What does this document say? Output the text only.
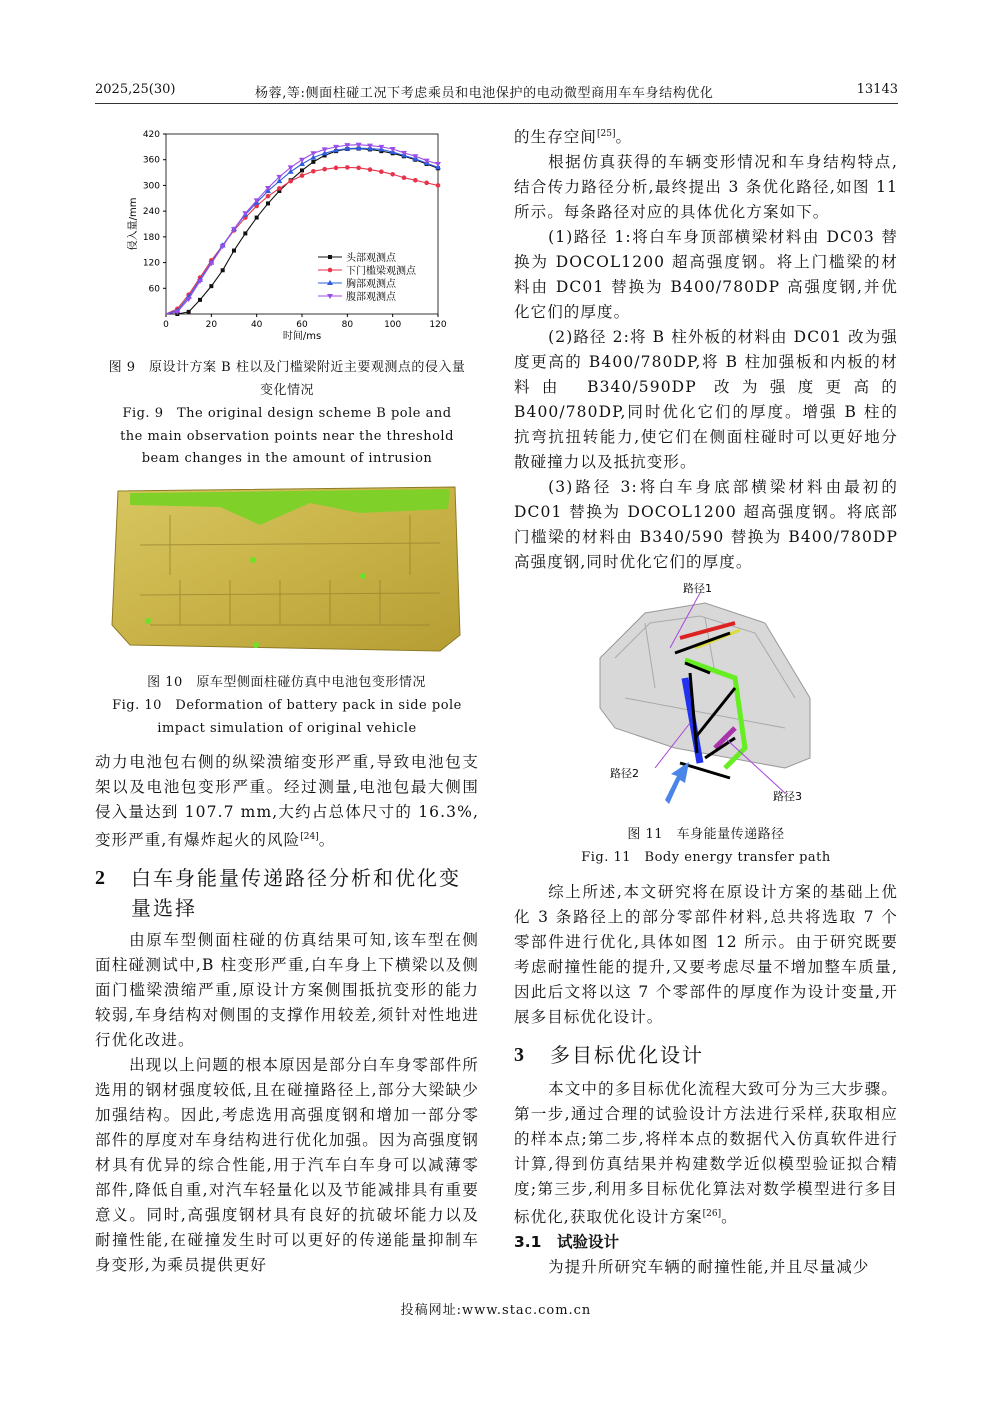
2025,25(30)	杨蓉,等:侧面柱碰工况下考虑乘员和电池保护的电动微型商用车车身结构优化	13143
0	20	40	60	80	100	120
60
120
180
240
300
360
420
时间/ms
侵入量/mm
头部观测点
下门槛梁观测点
胸部观测点
腹部观测点
图 9　原设计方案 B 柱以及门槛梁附近主要观测点的侵入量变化情况
Fig. 9　The original design scheme B pole and the main observation points near the threshold beam changes in the amount of intrusion
图 10　原车型侧面柱碰仿真中电池包变形情况
Fig. 10　Deformation of battery pack in side pole impact simulation of original vehicle

动力电池包右侧的纵梁溃缩变形严重,导致电池包支架以及电池包变形严重。经过测量,电池包最大侧围侵入量达到 107.7 mm,大约占总体尺寸的 16.3%,变形严重,有爆炸起火的风险[24]。

2	白车身能量传递路径分析和优化变量选择

由原车型侧面柱碰的仿真结果可知,该车型在侧面柱碰测试中,B 柱变形严重,白车身上下横梁以及侧面门槛梁溃缩严重,原设计方案侧围抵抗变形的能力较弱,车身结构对侧围的支撑作用较差,须针对性地进行优化改进。

出现以上问题的根本原因是部分白车身零部件所选用的钢材强度较低,且在碰撞路径上,部分大梁缺少加强结构。因此,考虑选用高强度钢和增加一部分零部件的厚度对车身结构进行优化加强。因为高强度钢材具有优异的综合性能,用于汽车白车身可以减薄零部件,降低自重,对汽车轻量化以及节能减排具有重要意义。同时,高强度钢材具有良好的抗破坏能力以及耐撞性能,在碰撞发生时可以更好的传递能量抑制车身变形,为乘员提供更好

的生存空间[25]。

根据仿真获得的车辆变形情况和车身结构特点,结合传力路径分析,最终提出 3 条优化路径,如图 11 所示。每条路径对应的具体优化方案如下。

(1)路径 1:将白车身顶部横梁材料由 DC03 替换为 DOCOL1200 超高强度钢。将上门槛梁的材料由 DC01 替换为 B400/780DP 高强度钢,并优化它们的厚度。

(2)路径 2:将 B 柱外板的材料由 DC01 改为强度更高的 B400/780DP,将 B 柱加强板和内板的材料由 B340/590DP 改为强度更高的 B400/780DP,同时优化它们的厚度。增强 B 柱的抗弯抗扭转能力,使它们在侧面柱碰时可以更好地分散碰撞力以及抵抗变形。

(3)路径 3:将白车身底部横梁材料由最初的 DC01 替换为 DOCOL1200 超高强度钢。将底部门槛梁的材料由 B340/590 替换为 B400/780DP 高强度钢,同时优化它们的厚度。

路径1
路径2
路径3
图 11　车身能量传递路径
Fig. 11　Body energy transfer path

综上所述,本文研究将在原设计方案的基础上优化 3 条路径上的部分零部件材料,总共将选取 7 个零部件进行优化,具体如图 12 所示。由于研究既要考虑耐撞性能的提升,又要考虑尽量不增加整车质量,因此后文将以这 7 个零部件的厚度作为设计变量,开展多目标优化设计。

3	多目标优化设计

本文中的多目标优化流程大致可分为三大步骤。第一步,通过合理的试验设计方法进行采样,获取相应的样本点;第二步,将样本点的数据代入仿真软件进行计算,得到仿真结果并构建数学近似模型验证拟合精度;第三步,利用多目标优化算法对数学模型进行多目标优化,获取优化设计方案[26]。

3.1　试验设计

为提升所研究车辆的耐撞性能,并且尽量减少

投稿网址:www.stac.com.cn
